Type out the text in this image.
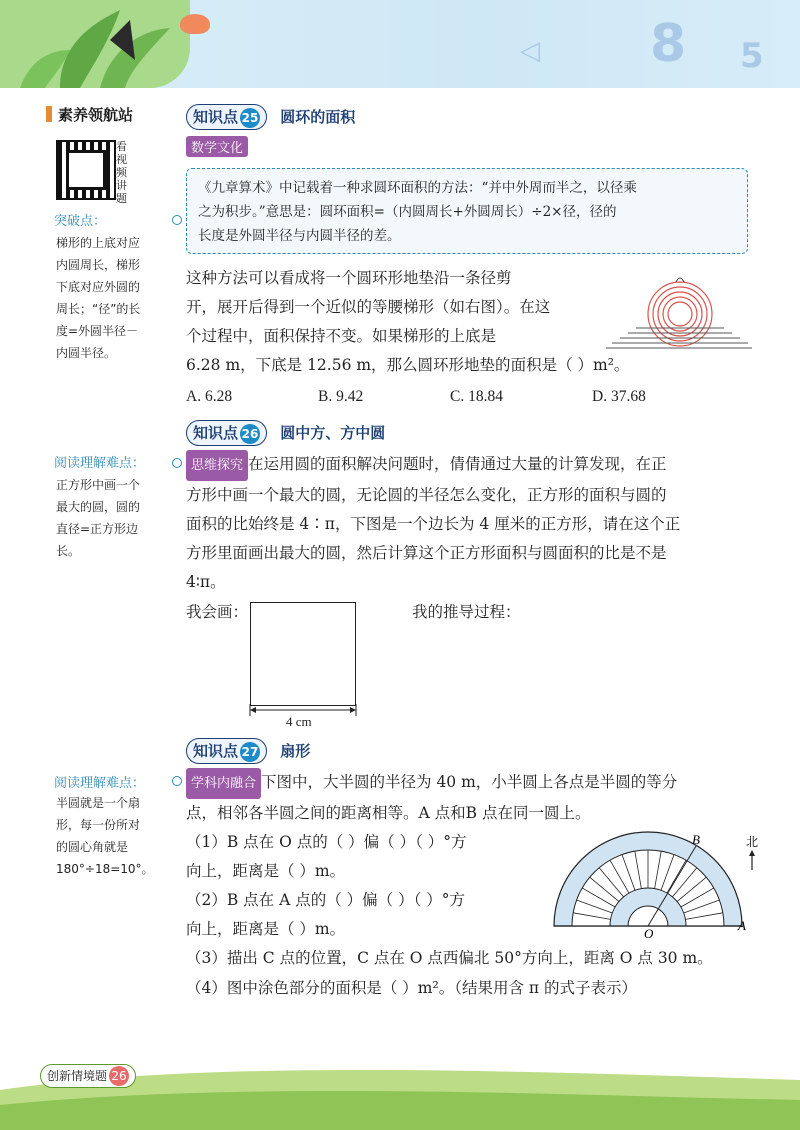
8 5
◁
素养领航站
看视频讲题
突破点：
梯形的上底对应
内圆周长，梯形
下底对应外圆的
周长；“径”的长
度=外圆半径－
内圆半径。
阅读理解难点：
正方形中画一个
最大的圆，圆的
直径=正方形边
长。
阅读理解难点：
半圆就是一个扇
形，每一份所对
的圆心角就是
180°÷18=10°。
知识点 25 圆环的面积
数学文化
《九章算术》中记载着一种求圆环面积的方法：“并中外周而半之，以径乘
之为积步。”意思是：圆环面积=（内圆周长+外圆周长）÷2×径，径的
长度是外圆半径与内圆半径的差。
这种方法可以看成将一个圆环形地垫沿一条径剪
开，展开后得到一个近似的等腰梯形（如右图）。在这
个过程中，面积保持不变。如果梯形的上底是
6.28 m，下底是 12.56 m，那么圆环形地垫的面积是（ ）m²。
A. 6.28	B. 9.42	C. 18.84	D. 37.68
知识点 26 圆中方、方中圆
思维探究 在运用圆的面积解决问题时，倩倩通过大量的计算发现，在正
方形中画一个最大的圆，无论圆的半径怎么变化，正方形的面积与圆的
面积的比始终是 4∶π，下图是一个边长为 4 厘米的正方形，请在这个正
方形里面画出最大的圆，然后计算这个正方形面积与圆面积的比是不是
4∶π。
我会画：	我的推导过程：
4 cm
知识点 27 扇形
学科内融合 下图中，大半圆的半径为 40 m，小半圆上各点是半圆的等分
点，相邻各半圆之间的距离相等。A 点和B 点在同一圆上。
（1）B 点在 O 点的（ ）偏（ ）（ ）°方
向上，距离是（ ）m。
（2）B 点在 A 点的（ ）偏（ ）（ ）°方
向上，距离是（ ）m。
（3）描出 C 点的位置，C 点在 O 点西偏北 50°方向上，距离 O 点 30 m。
（4）图中涂色部分的面积是（ ）m²。（结果用含 π 的式子表示）
B
O
A
北
创新情境题 26
